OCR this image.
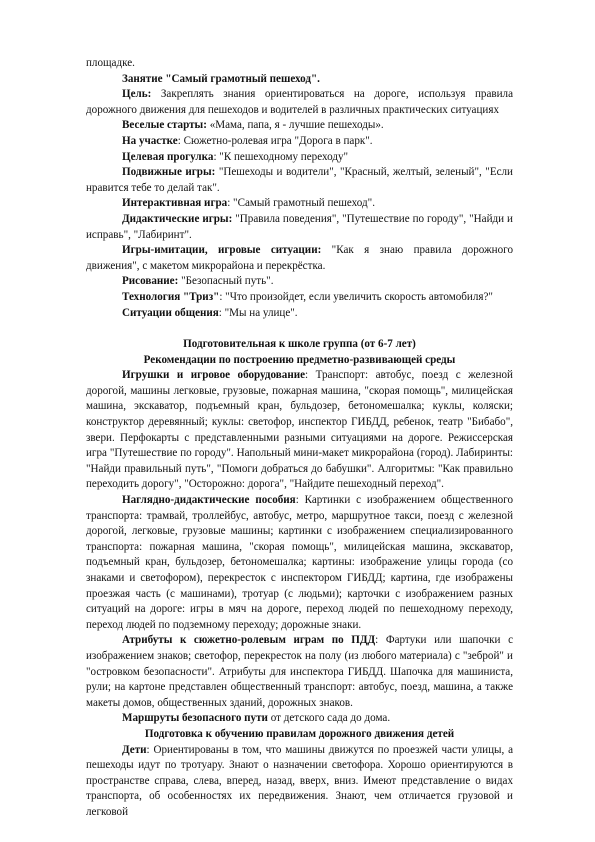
площадке.

Занятие "Самый грамотный пешеход".

Цель: Закреплять знания ориентироваться на дороге, используя правила дорожного движения для пешеходов и водителей в различных практических ситуациях

Веселые старты: «Мама, папа, я - лучшие пешеходы».

На участке: Сюжетно-ролевая игра "Дорога в парк".

Целевая прогулка: "К пешеходному переходу"

Подвижные игры: "Пешеходы и водители", "Красный, желтый, зеленый", "Если нравится тебе то делай так".

Интерактивная игра: "Самый грамотный пешеход".

Дидактические игры: "Правила поведения", "Путешествие по городу", "Найди и исправь", "Лабиринт".

Игры-имитации, игровые ситуации: "Как я знаю правила дорожного движения", с макетом микрорайона и перекрёстка.

Рисование: "Безопасный путь".

Технология "Триз": "Что произойдет, если увеличить скорость автомобиля?"

Ситуации общения: "Мы на улице".

Подготовительная к школе группа (от 6-7 лет)

Рекомендации по построению предметно-развивающей среды

Игрушки и игровое оборудование: Транспорт: автобус, поезд с железной дорогой, машины легковые, грузовые, пожарная машина, "скорая помощь", милицейская машина, экскаватор, подъемный кран, бульдозер, бетономешалка; куклы, коляски; конструктор деревянный; куклы: светофор, инспектор ГИБДД, ребенок, театр "Бибабо", звери. Перфокарты с представленными разными ситуациями на дороге. Режиссерская игра "Путешествие по городу". Напольный мини-макет микрорайона (город). Лабиринты: "Найди правильный путь", "Помоги добраться до бабушки". Алгоритмы: "Как правильно переходить дорогу", "Осторожно: дорога", "Найдите пешеходный переход".

Наглядно-дидактические пособия: Картинки с изображением общественного транспорта: трамвай, троллейбус, автобус, метро, маршрутное такси, поезд с железной дорогой, легковые, грузовые машины; картинки с изображением специализированного транспорта: пожарная машина, "скорая помощь", милицейская машина, экскаватор, подъемный кран, бульдозер, бетономешалка; картины: изображение улицы города (со знаками и светофором), перекресток с инспектором ГИБДД; картина, где изображены проезжая часть (с машинами), тротуар (с людьми); карточки с изображением разных ситуаций на дороге: игры в мяч на дороге, переход людей по пешеходному переходу, переход людей по подземному переходу; дорожные знаки.

Атрибуты к сюжетно-ролевым играм по ПДД: Фартуки или шапочки с изображением знаков; светофор, перекресток на полу (из любого материала) с "зеброй" и "островком безопасности". Атрибуты для инспектора ГИБДД. Шапочка для машиниста, рули; на картоне представлен общественный транспорт: автобус, поезд, машина, а также макеты домов, общественных зданий, дорожных знаков.

Маршруты безопасного пути от детского сада до дома.

Подготовка к обучению правилам дорожного движения детей

Дети: Ориентированы в том, что машины движутся по проезжей части улицы, а пешеходы идут по тротуару. Знают о назначении светофора. Хорошо ориентируются в пространстве справа, слева, вперед, назад, вверх, вниз. Имеют представление о видах транспорта, об особенностях их передвижения. Знают, чем отличается грузовой и легковой
